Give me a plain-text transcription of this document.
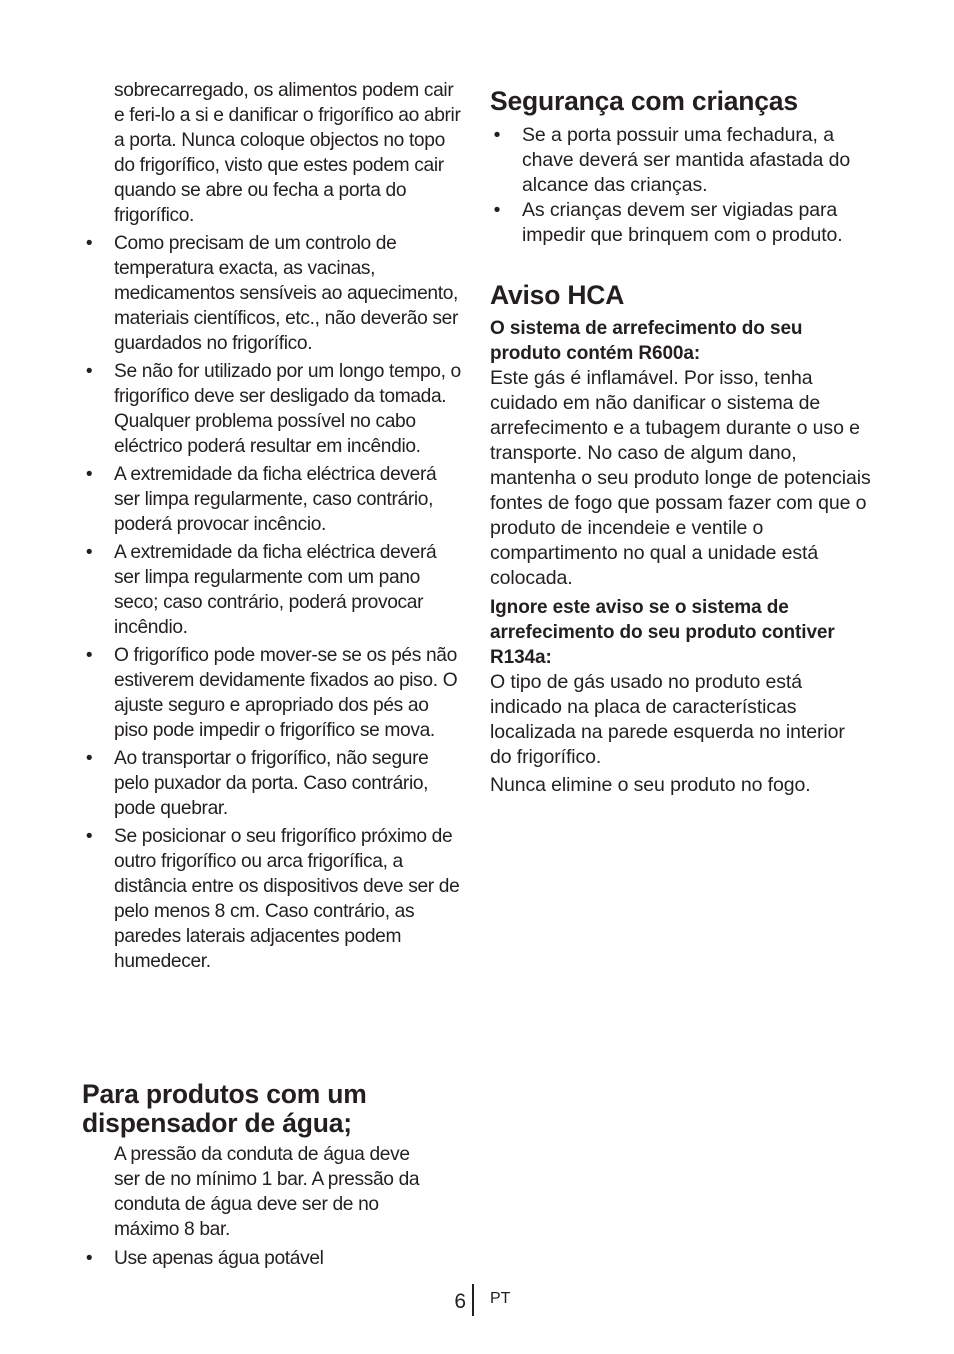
sobrecarregado, os alimentos podem cair e feri-lo a si e danificar o frigorífico ao abrir a porta. Nunca coloque objectos no topo do frigorífico, visto que estes podem cair quando se abre ou fecha a porta do frigorífico.

• Como precisam de um controlo de temperatura exacta, as vacinas, medicamentos sensíveis ao aquecimento, materiais científicos, etc., não deverão ser guardados no frigorífico.
• Se não for utilizado por um longo tempo, o frigorífico deve ser desligado da tomada. Qualquer problema possível no cabo eléctrico poderá resultar em incêndio.
• A extremidade da ficha eléctrica deverá ser limpa regularmente, caso contrário, poderá provocar incêncio.
• A extremidade da ficha eléctrica deverá ser limpa regularmente com um pano seco; caso contrário, poderá provocar incêndio.
• O frigorífico pode mover-se se os pés não estiverem devidamente fixados ao piso. O ajuste seguro e apropriado dos pés ao piso pode impedir o frigorífico se mova.
• Ao transportar o frigorífico, não segure pelo puxador da porta. Caso contrário, pode quebrar.
• Se posicionar o seu frigorífico próximo de outro frigorífico ou arca frigorífica, a distância entre os dispositivos deve ser de pelo menos 8 cm. Caso contrário, as paredes laterais adjacentes podem humedecer.
Para produtos com um
dispensador de água;

A pressão da conduta de água deve ser de no mínimo 1 bar. A pressão da conduta de água deve ser de no máximo 8 bar.

• Use apenas água potável
Segurança com crianças
• Se a porta possuir uma fechadura, a chave deverá ser mantida afastada do alcance das crianças.
• As crianças devem ser vigiadas para impedir que brinquem com o produto.
Aviso HCA

O sistema de arrefecimento do seu produto contém R600a:

Este gás é inflamável. Por isso, tenha cuidado em não danificar o sistema de arrefecimento e a tubagem durante o uso e transporte. No caso de algum dano, mantenha o seu produto longe de potenciais fontes de fogo que possam fazer com que o produto de incendeie e ventile o compartimento no qual a unidade está colocada.

Ignore este aviso se o sistema de arrefecimento do seu produto contiver R134a:

O tipo de gás usado no produto está indicado na placa de características localizada na parede esquerda no interior do frigorífico.

Nunca elimine o seu produto no fogo.

6 PT
